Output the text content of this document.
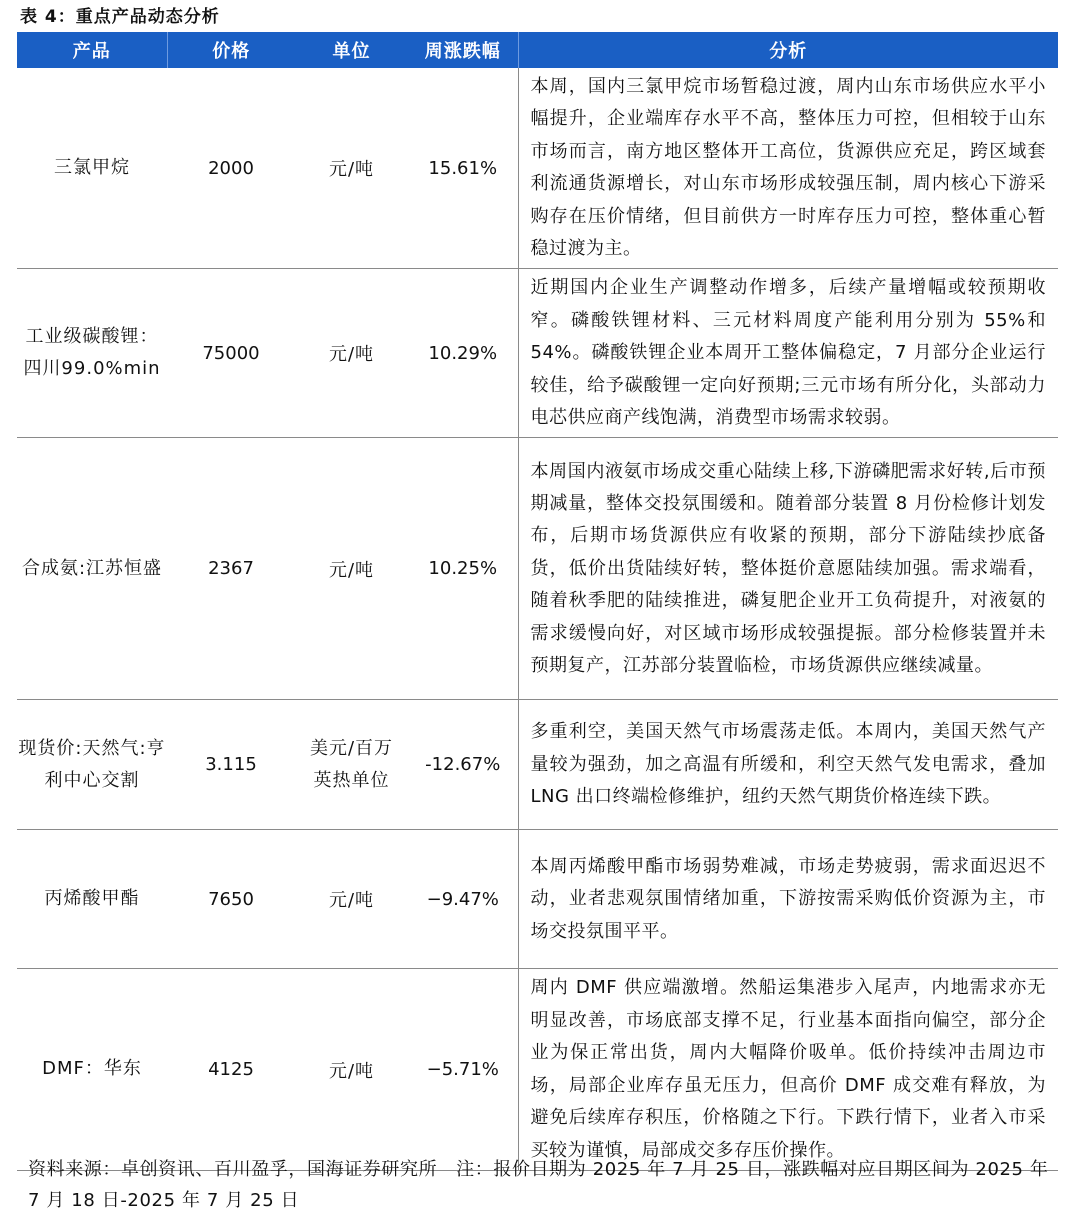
表 4：重点产品动态分析
产品	价格	单位	周涨跌幅	分析
三氯甲烷	2000	元/吨	15.61%	本周，国内三氯甲烷市场暂稳过渡，周内山东市场供应水平小幅提升，企业端库存水平不高，整体压力可控，但相较于山东市场而言，南方地区整体开工高位，货源供应充足，跨区域套利流通货源增长，对山东市场形成较强压制，周内核心下游采购存在压价情绪，但目前供方一时库存压力可控，整体重心暂稳过渡为主。
工业级碳酸锂：四川99.0%min	75000	元/吨	10.29%	近期国内企业生产调整动作增多，后续产量增幅或较预期收窄。磷酸铁锂材料、三元材料周度产能利用分别为 55%和 54%。磷酸铁锂企业本周开工整体偏稳定，7 月部分企业运行较佳，给予碳酸锂一定向好预期;三元市场有所分化，头部动力电芯供应商产线饱满，消费型市场需求较弱。
合成氨:江苏恒盛	2367	元/吨	10.25%	本周国内液氨市场成交重心陆续上移,下游磷肥需求好转,后市预期减量，整体交投氛围缓和。随着部分装置 8 月份检修计划发布，后期市场货源供应有收紧的预期，部分下游陆续抄底备货，低价出货陆续好转，整体挺价意愿陆续加强。需求端看，随着秋季肥的陆续推进，磷复肥企业开工负荷提升，对液氨的需求缓慢向好，对区域市场形成较强提振。部分检修装置并未预期复产，江苏部分装置临检，市场货源供应继续减量。
现货价:天然气:亨利中心交割	3.115	美元/百万英热单位	-12.67%	多重利空，美国天然气市场震荡走低。本周内，美国天然气产量较为强劲，加之高温有所缓和，利空天然气发电需求，叠加 LNG 出口终端检修维护，纽约天然气期货价格连续下跌。
丙烯酸甲酯	7650	元/吨	−9.47%	本周丙烯酸甲酯市场弱势难减，市场走势疲弱，需求面迟迟不动，业者悲观氛围情绪加重，下游按需采购低价资源为主，市场交投氛围平平。
DMF：华东	4125	元/吨	−5.71%	周内 DMF 供应端激增。然船运集港步入尾声，内地需求亦无明显改善，市场底部支撑不足，行业基本面指向偏空，部分企业为保正常出货，周内大幅降价吸单。低价持续冲击周边市场，局部企业库存虽无压力，但高价 DMF 成交难有释放，为避免后续库存积压，价格随之下行。下跌行情下，业者入市采买较为谨慎，局部成交多存压价操作。
资料来源：卓创资讯、百川盈孚，国海证券研究所 注：报价日期为 2025 年 7 月 25 日，涨跌幅对应日期区间为 2025 年 7 月 18 日-2025 年 7 月 25 日
